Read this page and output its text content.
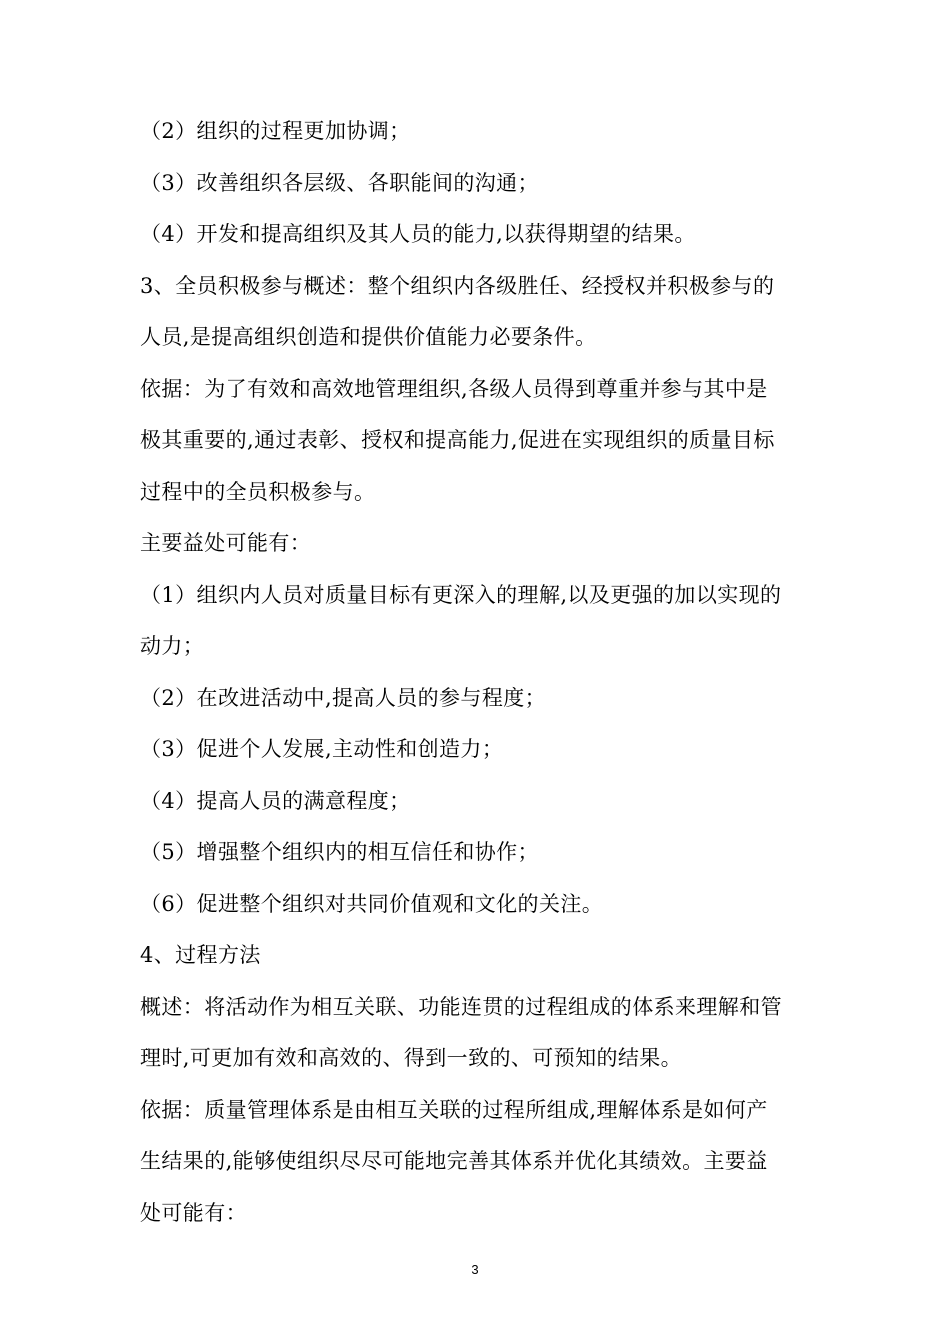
（2）组织的过程更加协调；
（3）改善组织各层级、各职能间的沟通；
（4）开发和提高组织及其人员的能力,以获得期望的结果。
3、全员积极参与概述：整个组织内各级胜任、经授权并积极参与的
人员,是提高组织创造和提供价值能力必要条件。
依据：为了有效和高效地管理组织,各级人员得到尊重并参与其中是
极其重要的,通过表彰、授权和提高能力,促进在实现组织的质量目标
过程中的全员积极参与。
主要益处可能有：
（1）组织内人员对质量目标有更深入的理解,以及更强的加以实现的
动力；
（2）在改进活动中,提高人员的参与程度；
（3）促进个人发展,主动性和创造力；
（4）提高人员的满意程度；
（5）增强整个组织内的相互信任和协作；
（6）促进整个组织对共同价值观和文化的关注。
4、过程方法
概述：将活动作为相互关联、功能连贯的过程组成的体系来理解和管
理时,可更加有效和高效的、得到一致的、可预知的结果。
依据：质量管理体系是由相互关联的过程所组成,理解体系是如何产
生结果的,能够使组织尽尽可能地完善其体系并优化其绩效。主要益
处可能有：
3
